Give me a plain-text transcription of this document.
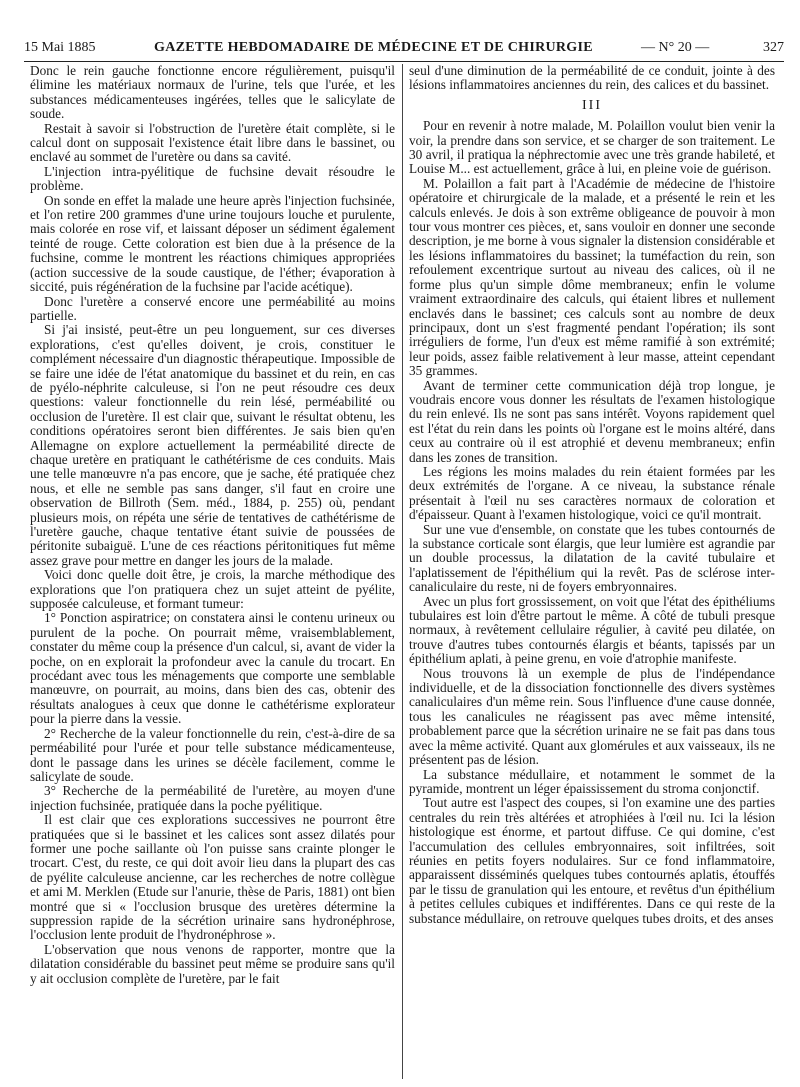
15 Mai 1885	GAZETTE HEBDOMADAIRE DE MÉDECINE ET DE CHIRURGIE	— N° 20 —	327

Donc le rein gauche fonctionne encore régulièrement, puisqu'il élimine les matériaux normaux de l'urine, tels que l'urée, et les substances médicamenteuses ingérées, telles que le salicylate de soude.

Restait à savoir si l'obstruction de l'uretère était complète, si le calcul dont on supposait l'existence était libre dans le bassinet, ou enclavé au sommet de l'uretère ou dans sa cavité.

L'injection intra-pyélitique de fuchsine devait résoudre le problème.

On sonde en effet la malade une heure après l'injection fuchsinée, et l'on retire 200 grammes d'une urine toujours louche et purulente, mais colorée en rose vif, et laissant déposer un sédiment également teinté de rouge. Cette coloration est bien due à la présence de la fuchsine, comme le montrent les réactions chimiques appropriées (action successive de la soude caustique, de l'éther; évaporation à siccité, puis régénération de la fuchsine par l'acide acétique).

Donc l'uretère a conservé encore une perméabilité au moins partielle.

Si j'ai insisté, peut-être un peu longuement, sur ces diverses explorations, c'est qu'elles doivent, je crois, constituer le complément nécessaire d'un diagnostic thérapeutique. Impossible de se faire une idée de l'état anatomique du bassinet et du rein, en cas de pyélo-néphrite calculeuse, si l'on ne peut résoudre ces deux questions: valeur fonctionnelle du rein lésé, perméabilité ou occlusion de l'uretère. Il est clair que, suivant le résultat obtenu, les conditions opératoires seront bien différentes. Je sais bien qu'en Allemagne on explore actuellement la perméabilité directe de chaque uretère en pratiquant le cathétérisme de ces conduits. Mais une telle manœuvre n'a pas encore, que je sache, été pratiquée chez nous, et elle ne semble pas sans danger, s'il faut en croire une observation de Billroth (Sem. méd., 1884, p. 255) où, pendant plusieurs mois, on répéta une série de tentatives de cathétérisme de l'uretère gauche, chaque tentative étant suivie de poussées de péritonite subaiguë. L'une de ces réactions péritonitiques fut même assez grave pour mettre en danger les jours de la malade.

Voici donc quelle doit être, je crois, la marche méthodique des explorations que l'on pratiquera chez un sujet atteint de pyélite, supposée calculeuse, et formant tumeur:

1° Ponction aspiratrice; on constatera ainsi le contenu urineux ou purulent de la poche. On pourrait même, vraisemblablement, constater du même coup la présence d'un calcul, si, avant de vider la poche, on en explorait la profondeur avec la canule du trocart. En procédant avec tous les ménagements que comporte une semblable manœuvre, on pourrait, au moins, dans bien des cas, obtenir des résultats analogues à ceux que donne le cathétérisme explorateur pour la pierre dans la vessie.

2° Recherche de la valeur fonctionnelle du rein, c'est-à-dire de sa perméabilité pour l'urée et pour telle substance médicamenteuse, dont le passage dans les urines se décèle facilement, comme le salicylate de soude.

3° Recherche de la perméabilité de l'uretère, au moyen d'une injection fuchsinée, pratiquée dans la poche pyélitique.

Il est clair que ces explorations successives ne pourront être pratiquées que si le bassinet et les calices sont assez dilatés pour former une poche saillante où l'on puisse sans crainte plonger le trocart. C'est, du reste, ce qui doit avoir lieu dans la plupart des cas de pyélite calculeuse ancienne, car les recherches de notre collègue et ami M. Merklen (Etude sur l'anurie, thèse de Paris, 1881) ont bien montré que si « l'occlusion brusque des uretères détermine la suppression rapide de la sécrétion urinaire sans hydronéphrose, l'occlusion lente produit de l'hydronéphrose ».

L'observation que nous venons de rapporter, montre que la dilatation considérable du bassinet peut même se produire sans qu'il y ait occlusion complète de l'uretère, par le fait

seul d'une diminution de la perméabilité de ce conduit, jointe à des lésions inflammatoires anciennes du rein, des calices et du bassinet.

III

Pour en revenir à notre malade, M. Polaillon voulut bien venir la voir, la prendre dans son service, et se charger de son traitement. Le 30 avril, il pratiqua la néphrectomie avec une très grande habileté, et Louise M... est actuellement, grâce à lui, en pleine voie de guérison.

M. Polaillon a fait part à l'Académie de médecine de l'histoire opératoire et chirurgicale de la malade, et a présenté le rein et les calculs enlevés. Je dois à son extrême obligeance de pouvoir à mon tour vous montrer ces pièces, et, sans vouloir en donner une seconde description, je me borne à vous signaler la distension considérable et les lésions inflammatoires du bassinet; la tuméfaction du rein, son refoulement excentrique surtout au niveau des calices, où il ne forme plus qu'un simple dôme membraneux; enfin le volume vraiment extraordinaire des calculs, qui étaient libres et nullement enclavés dans le bassinet; ces calculs sont au nombre de deux principaux, dont un s'est fragmenté pendant l'opération; ils sont irréguliers de forme, l'un d'eux est même ramifié à son extrémité; leur poids, assez faible relativement à leur masse, atteint cependant 35 grammes.

Avant de terminer cette communication déjà trop longue, je voudrais encore vous donner les résultats de l'examen histologique du rein enlevé. Ils ne sont pas sans intérêt. Voyons rapidement quel est l'état du rein dans les points où l'organe est le moins altéré, dans ceux au contraire où il est atrophié et devenu membraneux; enfin dans les zones de transition.

Les régions les moins malades du rein étaient formées par les deux extrémités de l'organe. A ce niveau, la substance rénale présentait à l'œil nu ses caractères normaux de coloration et d'épaisseur. Quant à l'examen histologique, voici ce qu'il montrait.

Sur une vue d'ensemble, on constate que les tubes contournés de la substance corticale sont élargis, que leur lumière est agrandie par un double processus, la dilatation de la cavité tubulaire et l'aplatissement de l'épithélium qui la revêt. Pas de sclérose inter-canaliculaire du reste, ni de foyers embryonnaires.

Avec un plus fort grossissement, on voit que l'état des épithéliums tubulaires est loin d'être partout le même. A côté de tubuli presque normaux, à revêtement cellulaire régulier, à cavité peu dilatée, on trouve d'autres tubes contournés élargis et béants, tapissés par un épithélium aplati, à peine grenu, en voie d'atrophie manifeste.

Nous trouvons là un exemple de plus de l'indépendance individuelle, et de la dissociation fonctionnelle des divers systèmes canaliculaires d'un même rein. Sous l'influence d'une cause donnée, tous les canalicules ne réagissent pas avec même intensité, probablement parce que la sécrétion urinaire ne se fait pas dans tous avec la même activité. Quant aux glomérules et aux vaisseaux, ils ne présentent pas de lésion.

La substance médullaire, et notamment le sommet de la pyramide, montrent un léger épaississement du stroma conjonctif.

Tout autre est l'aspect des coupes, si l'on examine une des parties centrales du rein très altérées et atrophiées à l'œil nu. Ici la lésion histologique est énorme, et partout diffuse. Ce qui domine, c'est l'accumulation des cellules embryonnaires, soit infiltrées, soit réunies en petits foyers nodulaires. Sur ce fond inflammatoire, apparaissent disséminés quelques tubes contournés aplatis, étouffés par le tissu de granulation qui les entoure, et revêtus d'un épithélium à petites cellules cubiques et indifférentes. Dans ce qui reste de la substance médullaire, on retrouve quelques tubes droits, et des anses
